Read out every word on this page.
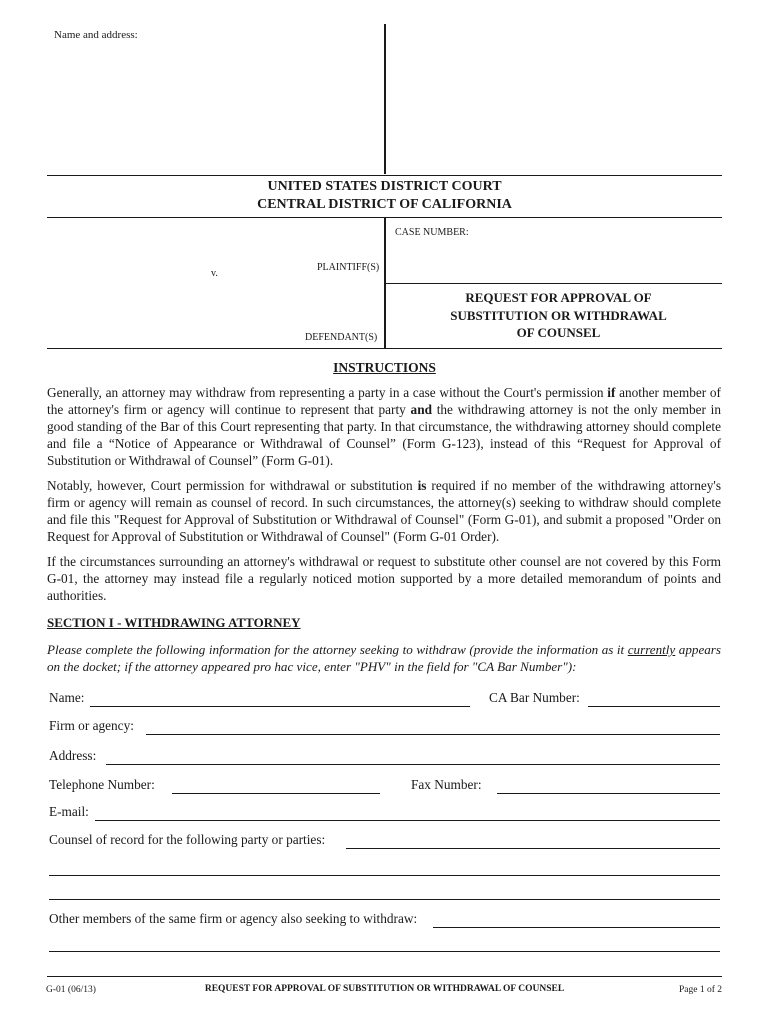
Name and address:
UNITED STATES DISTRICT COURT
CENTRAL DISTRICT OF CALIFORNIA
CASE NUMBER:
PLAINTIFF(S)
v.
REQUEST FOR APPROVAL OF
SUBSTITUTION OR WITHDRAWAL
OF COUNSEL
DEFENDANT(S)
INSTRUCTIONS
Generally, an attorney may withdraw from representing a party in a case without the Court's permission if another member of the attorney's firm or agency will continue to represent that party and the withdrawing attorney is not the only member in good standing of the Bar of this Court representing that party. In that circumstance, the withdrawing attorney should complete and file a “Notice of Appearance or Withdrawal of Counsel” (Form G-123), instead of this “Request for Approval of Substitution or Withdrawal of Counsel” (Form G-01).
Notably, however, Court permission for withdrawal or substitution is required if no member of the withdrawing attorney's firm or agency will remain as counsel of record. In such circumstances, the attorney(s) seeking to withdraw should complete and file this "Request for Approval of Substitution or Withdrawal of Counsel" (Form G-01), and submit a proposed "Order on Request for Approval of Substitution or Withdrawal of Counsel" (Form G-01 Order).
If the circumstances surrounding an attorney's withdrawal or request to substitute other counsel are not covered by this Form G-01, the attorney may instead file a regularly noticed motion supported by a more detailed memorandum of points and authorities.
SECTION I - WITHDRAWING ATTORNEY
Please complete the following information for the attorney seeking to withdraw (provide the information as it currently appears on the docket; if the attorney appeared pro hac vice, enter "PHV" in the field for "CA Bar Number"):
Name:	CA Bar Number:
Firm or agency:
Address:
Telephone Number:	Fax Number:
E-mail:
Counsel of record for the following party or parties:
Other members of the same firm or agency also seeking to withdraw:
G-01 (06/13)	REQUEST FOR APPROVAL OF SUBSTITUTION OR WITHDRAWAL OF COUNSEL	Page 1 of 2
